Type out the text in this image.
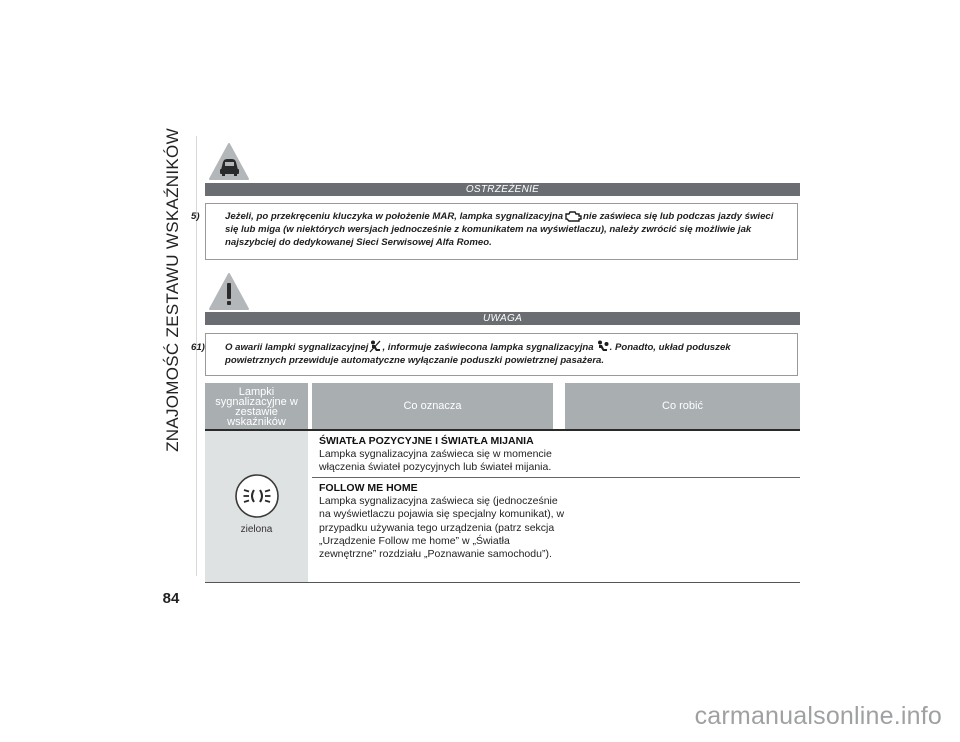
ZNAJOMOŚĆ ZESTAWU WSKAŹNIKÓW
84
OSTRZEŻENIE
5)	Jeżeli, po przekręceniu kluczyka w położenie MAR, lampka sygnalizacyjna nie zaświeca się lub podczas jazdy świeci się lub miga (w niektórych wersjach jednocześnie z komunikatem na wyświetlaczu), należy zwrócić się możliwie jak najszybciej do dedykowanej Sieci Serwisowej Alfa Romeo.
UWAGA
61) O awarii lampki sygnalizacyjnej , informuje zaświecona lampka sygnalizacyjna . Ponadto, układ poduszek powietrznych przewiduje automatyczne wyłączanie poduszki powietrznej pasażera.
Lampki sygnalizacyjne w zestawie wskaźników
Co oznacza	Co robić
zielona
ŚWIATŁA POZYCYJNE I ŚWIATŁA MIJANIA
Lampka sygnalizacyjna zaświeca się w momencie włączenia świateł pozycyjnych lub świateł mijania.
FOLLOW ME HOME
Lampka sygnalizacyjna zaświeca się (jednocześnie na wyświetlaczu pojawia się specjalny komunikat), w przypadku używania tego urządzenia (patrz sekcja „Urządzenie Follow me home” w „Światła zewnętrzne” rozdziału „Poznawanie samochodu”).
carmanualsonline.info
